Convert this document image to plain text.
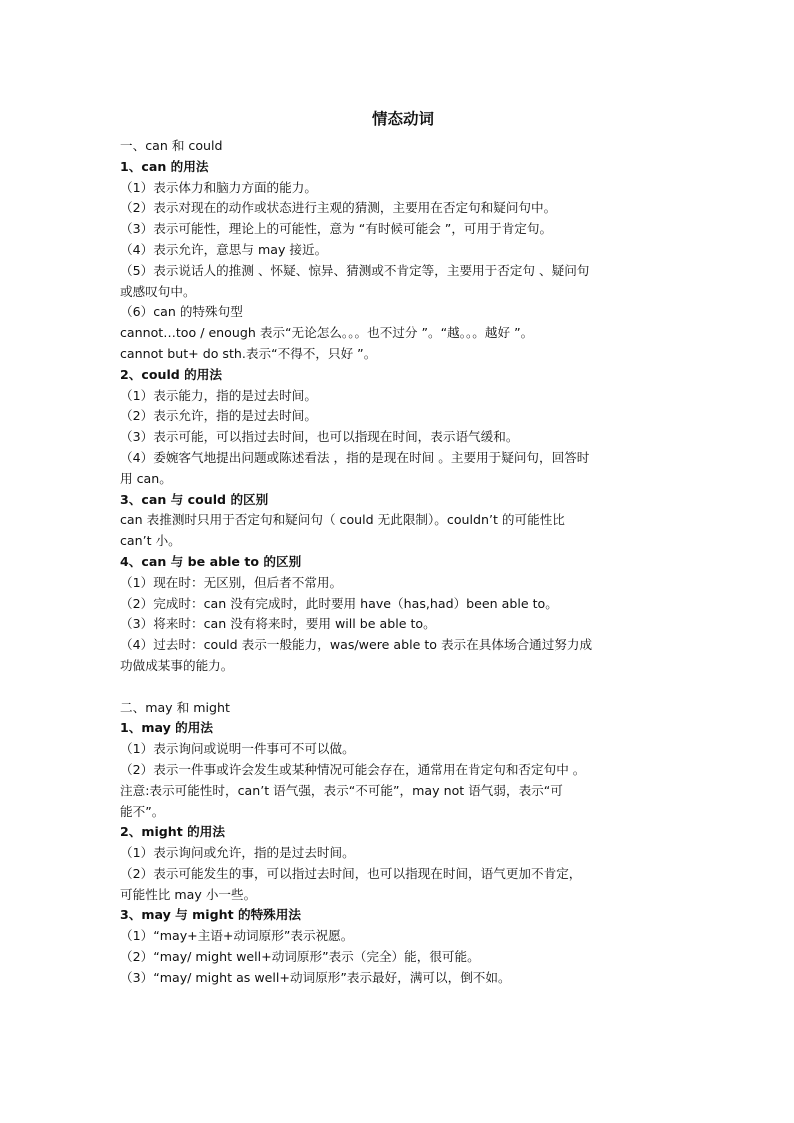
情态动词
一、can 和 could
1、can 的用法
（1）表示体力和脑力方面的能力。
（2）表示对现在的动作或状态进行主观的猜测，主要用在否定句和疑问句中。
（3）表示可能性，理论上的可能性，意为 “有时候可能会 ”，可用于肯定句。
（4）表示允许，意思与 may 接近。
（5）表示说话人的推测 、怀疑、惊异、猜测或不肯定等，主要用于否定句 、疑问句
或感叹句中。
（6）can 的特殊句型
cannot…too / enough 表示“无论怎么。。。也不过分 ”。“越。。。越好 ”。
cannot but+ do sth.表示“不得不，只好 ”。
2、could 的用法
（1）表示能力，指的是过去时间。
（2）表示允许，指的是过去时间。
（3）表示可能，可以指过去时间，也可以指现在时间，表示语气缓和。
（4）委婉客气地提出问题或陈述看法 ，指的是现在时间 。主要用于疑问句，回答时
用 can。
3、can 与 could 的区别
can 表推测时只用于否定句和疑问句（ could 无此限制）。couldn’t 的可能性比
can’t 小。
4、can 与 be able to 的区别
（1）现在时：无区别，但后者不常用。
（2）完成时：can 没有完成时，此时要用 have（has,had）been able to。
（3）将来时：can 没有将来时，要用 will be able to。
（4）过去时：could 表示一般能力，was/were able to 表示在具体场合通过努力成
功做成某事的能力。
二、may 和 might
1、may 的用法
（1）表示询问或说明一件事可不可以做。
（2）表示一件事或许会发生或某种情况可能会存在，通常用在肯定句和否定句中 。
注意:表示可能性时，can’t 语气强，表示“不可能”，may not 语气弱，表示“可
能不”。
2、might 的用法
（1）表示询问或允许，指的是过去时间。
（2）表示可能发生的事，可以指过去时间，也可以指现在时间，语气更加不肯定，
可能性比 may 小一些。
3、may 与 might 的特殊用法
（1）“may+主语+动词原形”表示祝愿。
（2）“may/ might well+动词原形”表示（完全）能，很可能。
（3）“may/ might as well+动词原形”表示最好，满可以，倒不如。
